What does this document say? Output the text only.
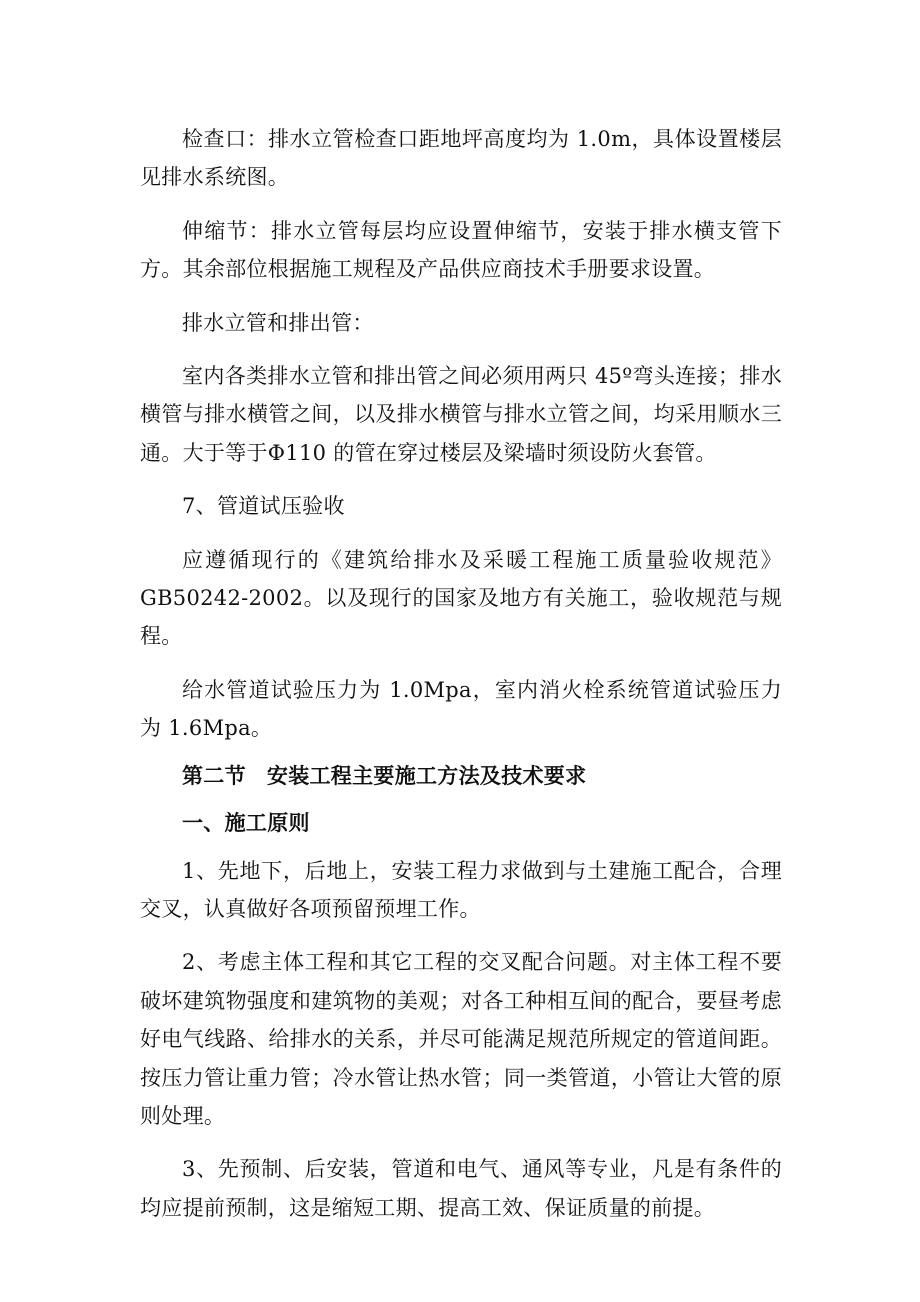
检查口：排水立管检查口距地坪高度均为 1.0m，具体设置楼层见排水系统图。

伸缩节：排水立管每层均应设置伸缩节，安装于排水横支管下方。其余部位根据施工规程及产品供应商技术手册要求设置。

排水立管和排出管：

室内各类排水立管和排出管之间必须用两只 45º弯头连接；排水横管与排水横管之间，以及排水横管与排水立管之间，均采用顺水三通。大于等于Φ110 的管在穿过楼层及梁墙时须设防火套管。

7、管道试压验收

应遵循现行的《建筑给排水及采暖工程施工质量验收规范》GB50242-2002。以及现行的国家及地方有关施工，验收规范与规程。

给水管道试验压力为 1.0Mpa，室内消火栓系统管道试验压力为 1.6Mpa。

第二节 安装工程主要施工方法及技术要求

一、施工原则

1、先地下，后地上，安装工程力求做到与土建施工配合，合理交叉，认真做好各项预留预埋工作。

2、考虑主体工程和其它工程的交叉配合问题。对主体工程不要破坏建筑物强度和建筑物的美观；对各工种相互间的配合，要昼考虑好电气线路、给排水的关系，并尽可能满足规范所规定的管道间距。按压力管让重力管；冷水管让热水管；同一类管道，小管让大管的原则处理。

3、先预制、后安装，管道和电气、通风等专业，凡是有条件的均应提前预制，这是缩短工期、提高工效、保证质量的前提。
